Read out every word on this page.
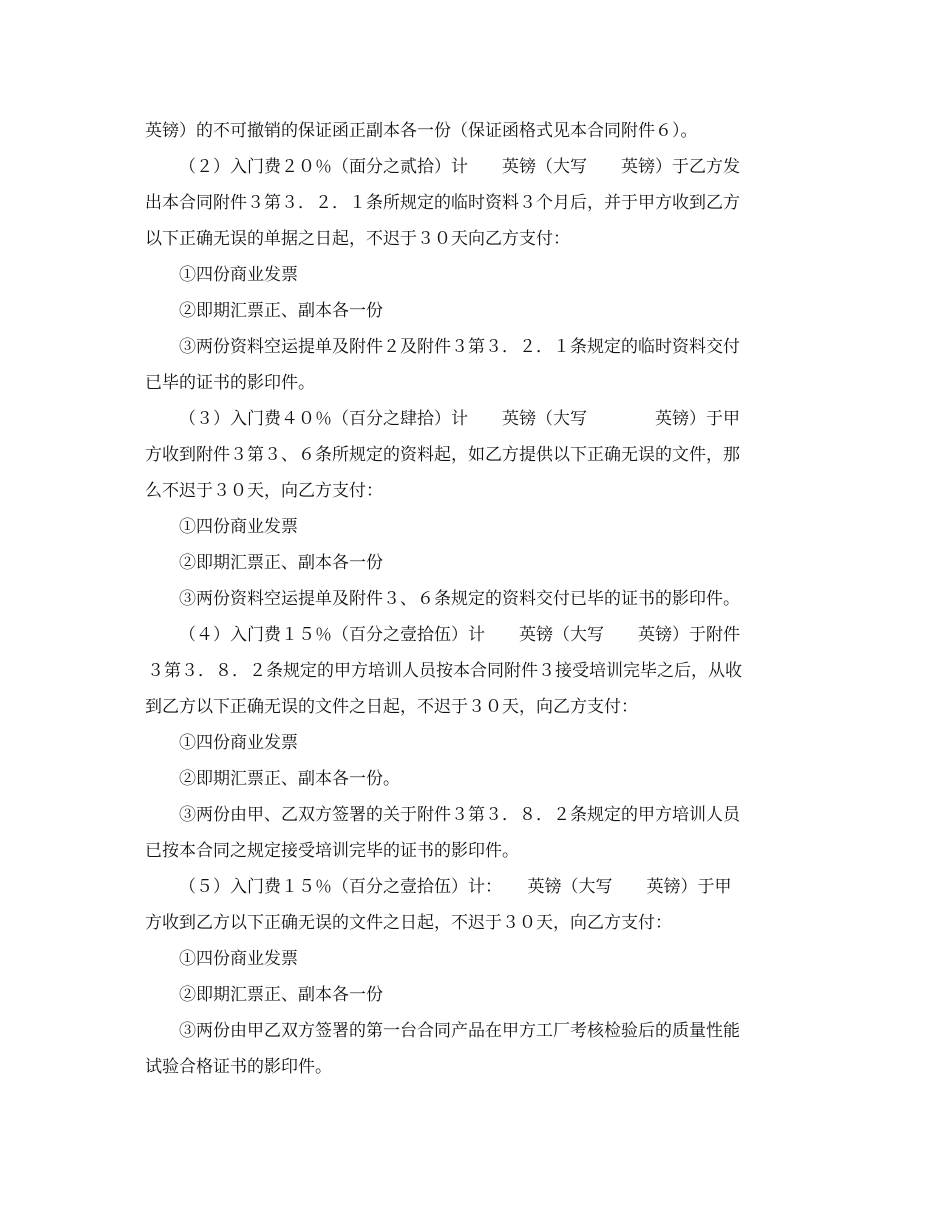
英镑）的不可撤销的保证函正副本各一份（保证函格式见本合同附件６）。
（２）入门费２０％（面分之贰拾）计　　英镑（大写　　英镑）于乙方发
出本合同附件３第３．２．１条所规定的临时资料３个月后，并于甲方收到乙方
以下正确无误的单据之日起，不迟于３０天向乙方支付：
①四份商业发票
②即期汇票正、副本各一份
③两份资料空运提单及附件２及附件３第３．２．１条规定的临时资料交付
已毕的证书的影印件。
（３）入门费４０％（百分之肆拾）计　　英镑（大写　　　　英镑）于甲
方收到附件３第３、６条所规定的资料起，如乙方提供以下正确无误的文件，那
么不迟于３０天，向乙方支付：
①四份商业发票
②即期汇票正、副本各一份
③两份资料空运提单及附件３、６条规定的资料交付已毕的证书的影印件。
（４）入门费１５％（百分之壹拾伍）计　　英镑（大写　　英镑）于附件
３第３．８．２条规定的甲方培训人员按本合同附件３接受培训完毕之后，从收
到乙方以下正确无误的文件之日起，不迟于３０天，向乙方支付：
①四份商业发票
②即期汇票正、副本各一份。
③两份由甲、乙双方签署的关于附件３第３．８．２条规定的甲方培训人员
已按本合同之规定接受培训完毕的证书的影印件。
（５）入门费１５％（百分之壹拾伍）计：　　英镑（大写　　英镑）于甲
方收到乙方以下正确无误的文件之日起，不迟于３０天，向乙方支付：
①四份商业发票
②即期汇票正、副本各一份
③两份由甲乙双方签署的第一台合同产品在甲方工厂考核检验后的质量性能
试验合格证书的影印件。
